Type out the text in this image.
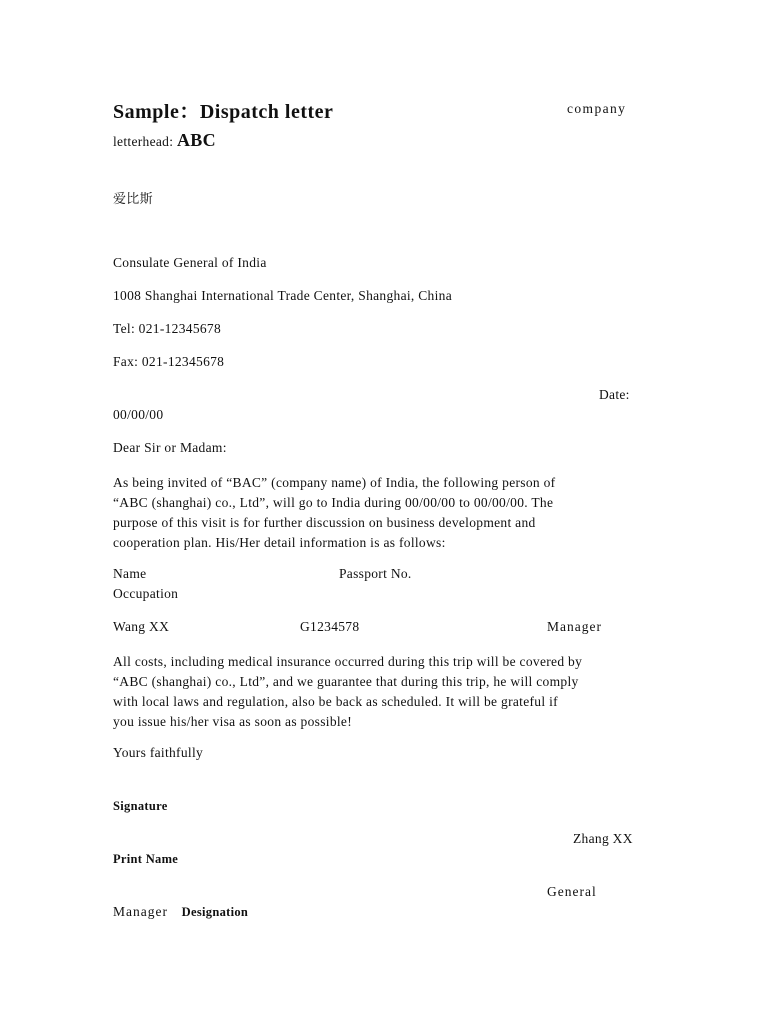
Sample：Dispatch letter	company
letterhead: ABC
爱比斯
Consulate General of India
1008 Shanghai International Trade Center, Shanghai, China
Tel: 021-12345678
Fax: 021-12345678
Date:
00/00/00
Dear Sir or Madam:
As being invited of “BAC” (company name) of India, the following person of
“ABC (shanghai) co., Ltd”, will go to India during 00/00/00 to 00/00/00. The
purpose of this visit is for further discussion on business development and
cooperation plan. His/Her detail information is as follows:
Name	Passport No.
Occupation
Wang XX	G1234578	Manager
All costs, including medical insurance occurred during this trip will be covered by
“ABC (shanghai) co., Ltd”, and we guarantee that during this trip, he will comply
with local laws and regulation, also be back as scheduled. It will be grateful if
you issue his/her visa as soon as possible!
Yours faithfully
Signature
Zhang XX
Print Name
General
Manager Designation
